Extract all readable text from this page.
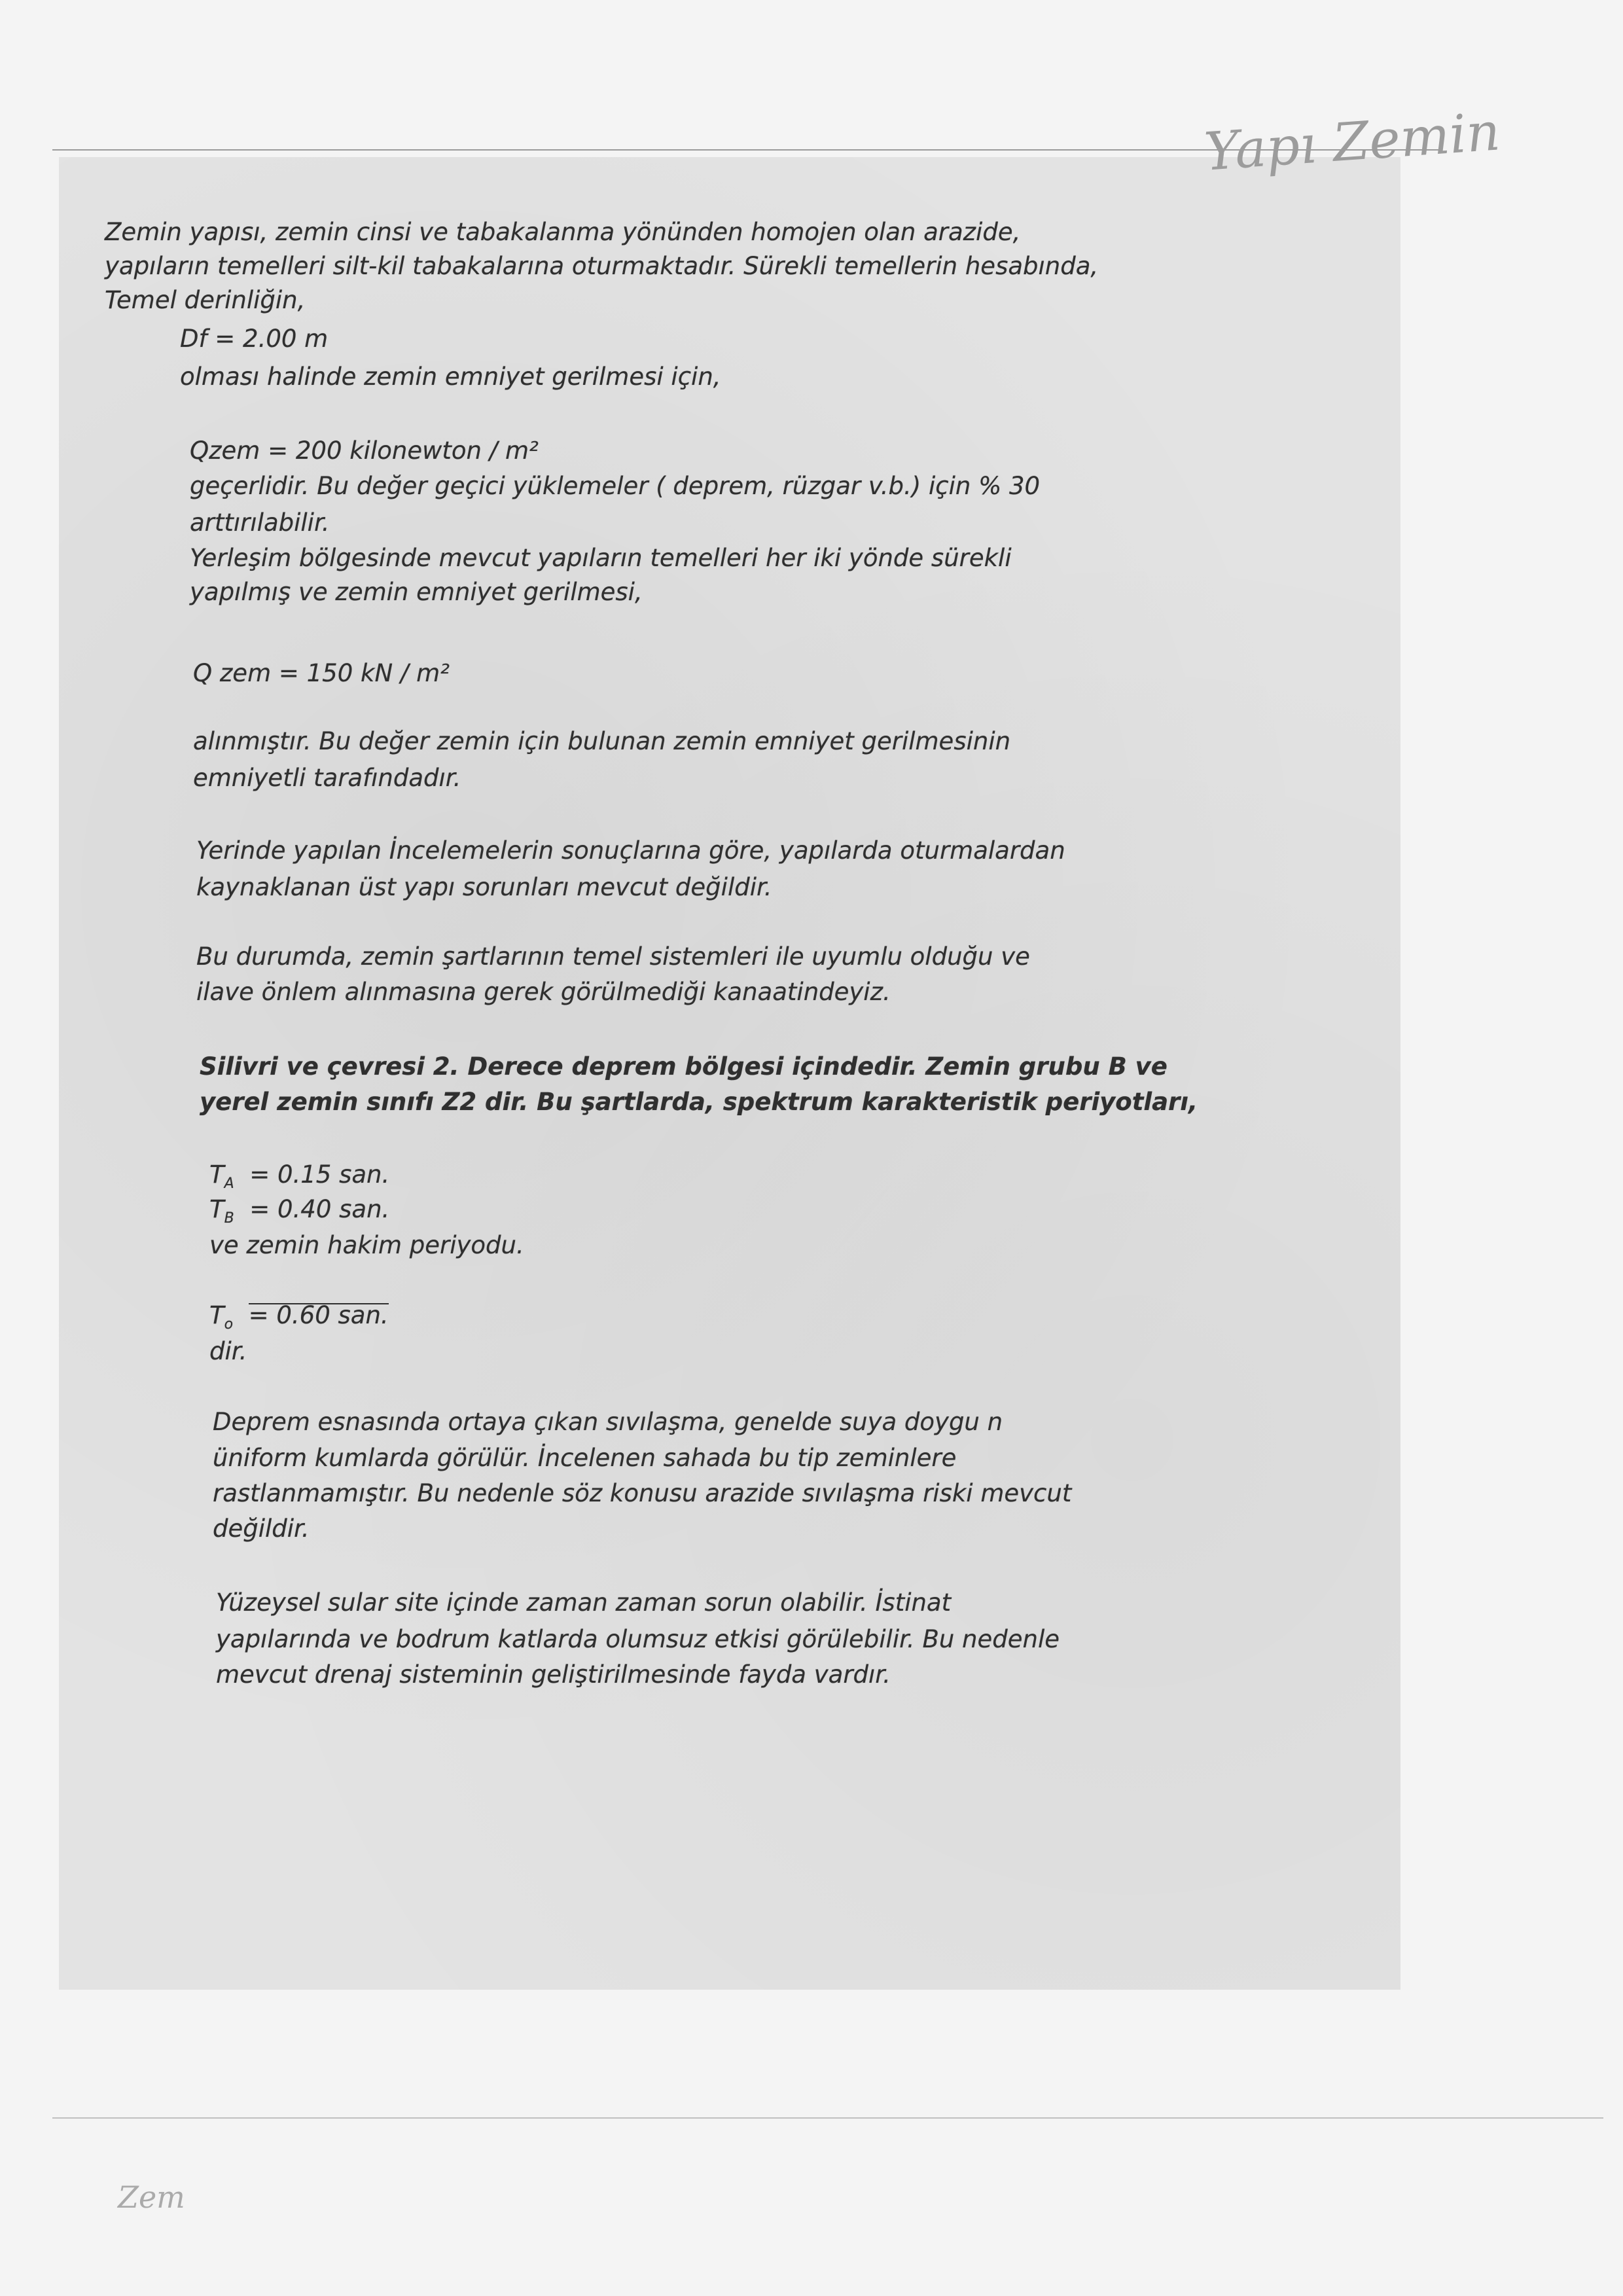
Yapı Zemin
Zemin yapısı, zemin cinsi ve tabakalanma yönünden homojen olan arazide,
yapıların temelleri silt-kil tabakalarına oturmaktadır. Sürekli temellerin hesabında,
Temel derinliğin,
Df = 2.00 m
olması halinde zemin emniyet gerilmesi için,
Qzem = 200 kilonewton / m²
geçerlidir. Bu değer geçici yüklemeler ( deprem, rüzgar v.b.) için % 30
arttırılabilir.
Yerleşim bölgesinde mevcut yapıların temelleri her iki yönde sürekli
yapılmış ve zemin emniyet gerilmesi,
Q zem = 150 kN / m²
alınmıştır. Bu değer zemin için bulunan zemin emniyet gerilmesinin
emniyetli tarafındadır.
Yerinde yapılan İncelemelerin sonuçlarına göre, yapılarda oturmalardan
kaynaklanan üst yapı sorunları mevcut değildir.
Bu durumda, zemin şartlarının temel sistemleri ile uyumlu olduğu ve
ilave önlem alınmasına gerek görülmediği kanaatindeyiz.
Silivri ve çevresi 2. Derece deprem bölgesi içindedir. Zemin grubu B ve
yerel zemin sınıfı Z2 dir. Bu şartlarda, spektrum karakteristik periyotları,
$T_A = 0.15$ san.
$T_B = 0.40$ san.
ve zemin hakim periyodu.
$T_o = 0.60$ san.
dir.
Deprem esnasında ortaya çıkan sıvılaşma, genelde suya doygu n
üniform kumlarda görülür. İncelenen sahada bu tip zeminlere
rastlanmamıştır. Bu nedenle söz konusu arazide sıvılaşma riski mevcut
değildir.
Yüzeysel sular site içinde zaman zaman sorun olabilir. İstinat
yapılarında ve bodrum katlarda olumsuz etkisi görülebilir. Bu nedenle
mevcut drenaj sisteminin geliştirilmesinde fayda vardır.
Zem
